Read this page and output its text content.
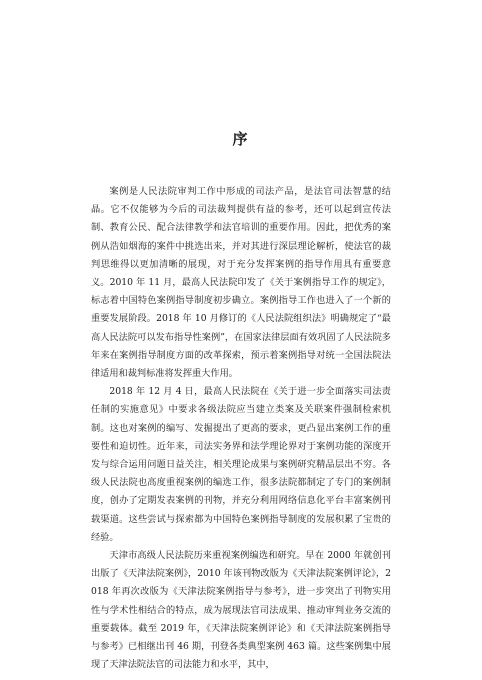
序

案例是人民法院审判工作中形成的司法产品，是法官司法智慧的结晶。它不仅能够为今后的司法裁判提供有益的参考，还可以起到宣传法制、教育公民、配合法律教学和法官培训的重要作用。因此，把优秀的案例从浩如烟海的案件中挑选出来，并对其进行深层理论解析，使法官的裁判思维得以更加清晰的展现，对于充分发挥案例的指导作用具有重要意义。2010 年 11 月，最高人民法院印发了《关于案例指导工作的规定》，标志着中国特色案例指导制度初步确立。案例指导工作也进入了一个新的重要发展阶段。2018 年 10 月修订的《人民法院组织法》明确规定了“最高人民法院可以发布指导性案例”，在国家法律层面有效巩固了人民法院多年来在案例指导制度方面的改革探索，预示着案例指导对统一全国法院法律适用和裁判标准将发挥重大作用。

2018 年 12 月 4 日，最高人民法院在《关于进一步全面落实司法责任制的实施意见》中要求各级法院应当建立类案及关联案件强制检索机制。这也对案例的编写、发掘提出了更高的要求，更凸显出案例工作的重要性和迫切性。近年来，司法实务界和法学理论界对于案例功能的深度开发与综合运用问题日益关注，相关理论成果与案例研究精品层出不穷。各级人民法院也高度重视案例的编选工作，很多法院都制定了专门的案例制度，创办了定期发表案例的刊物，并充分利用网络信息化平台丰富案例刊载渠道。这些尝试与探索都为中国特色案例指导制度的发展积累了宝贵的经验。

天津市高级人民法院历来重视案例编选和研究。早在 2000 年就创刊出版了《天津法院案例》，2010 年该刊物改版为《天津法院案例评论》，2018 年再次改版为《天津法院案例指导与参考》，进一步突出了刊物实用性与学术性相结合的特点，成为展现法官司法成果、推动审判业务交流的重要载体。截至 2019 年，《天津法院案例评论》和《天津法院案例指导与参考》已相继出刊 46 期，刊登各类典型案例 463 篇。这些案例集中展现了天津法院法官的司法能力和水平，其中，
